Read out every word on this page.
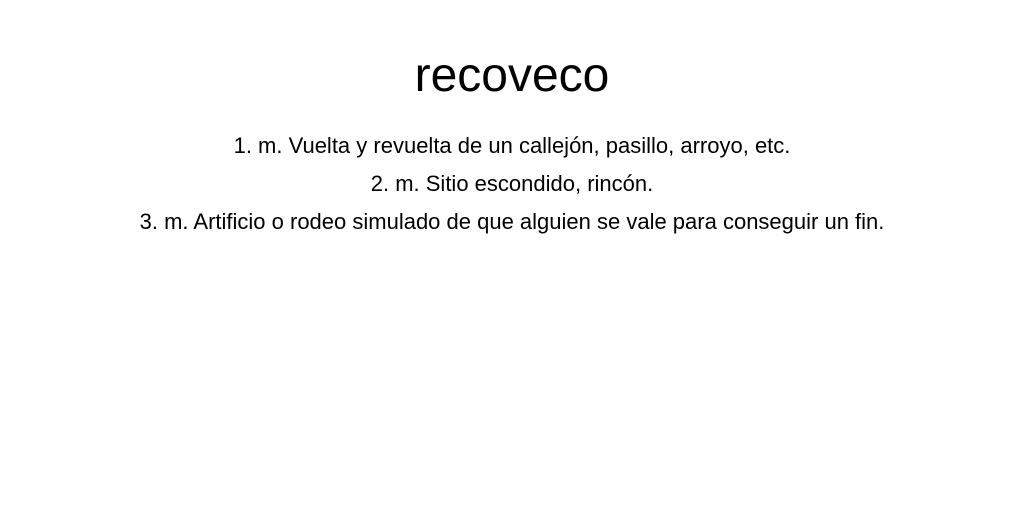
recoveco
1. m. Vuelta y revuelta de un callejón, pasillo, arroyo, etc.
2. m. Sitio escondido, rincón.
3. m. Artificio o rodeo simulado de que alguien se vale para conseguir un fin.
